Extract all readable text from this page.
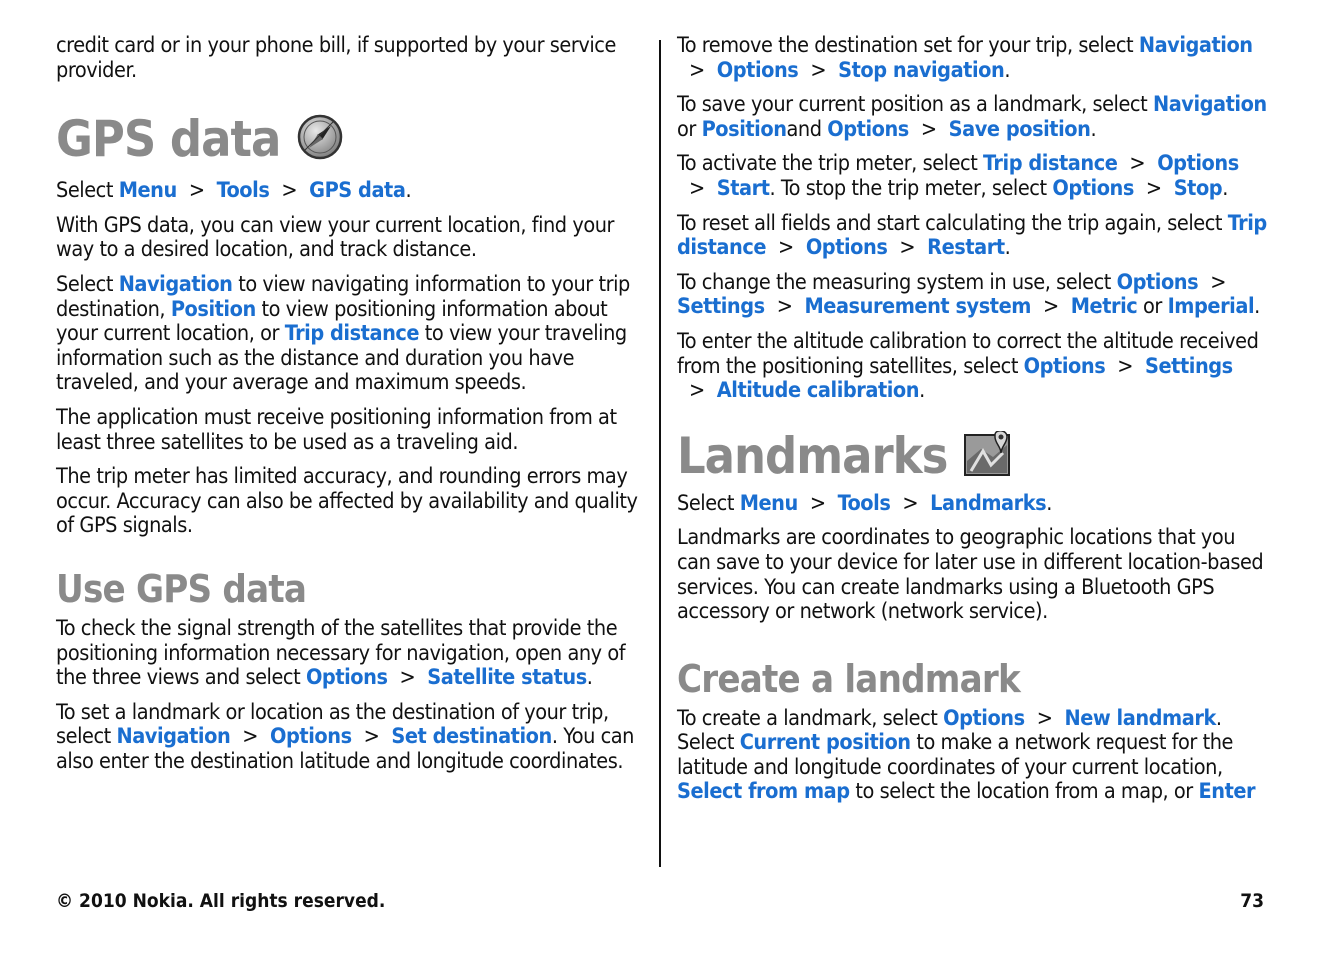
credit card or in your phone bill, if supported by your service provider.

GPS data

Select Menu > Tools > GPS data.

With GPS data, you can view your current location, find your way to a desired location, and track distance.

Select Navigation to view navigating information to your trip destination, Position to view positioning information about your current location, or Trip distance to view your traveling information such as the distance and duration you have traveled, and your average and maximum speeds.

The application must receive positioning information from at least three satellites to be used as a traveling aid.

The trip meter has limited accuracy, and rounding errors may occur. Accuracy can also be affected by availability and quality of GPS signals.

Use GPS data

To check the signal strength of the satellites that provide the positioning information necessary for navigation, open any of the three views and select Options > Satellite status.

To set a landmark or location as the destination of your trip, select Navigation > Options > Set destination. You can also enter the destination latitude and longitude coordinates.

To remove the destination set for your trip, select Navigation> Options > Stop navigation.

To save your current position as a landmark, select Navigation or Positionand Options > Save position.

To activate the trip meter, select Trip distance > Options> Start. To stop the trip meter, select Options > Stop.

To reset all fields and start calculating the trip again, select Trip distance > Options > Restart.

To change the measuring system in use, select Options >Settings > Measurement system > Metric or Imperial.

To enter the altitude calibration to correct the altitude received from the positioning satellites, select Options > Settings> Altitude calibration.

Landmarks

Select Menu > Tools > Landmarks.

Landmarks are coordinates to geographic locations that you can save to your device for later use in different location-based services. You can create landmarks using a Bluetooth GPS accessory or network (network service).

Create a landmark

To create a landmark, select Options > New landmark. Select Current position to make a network request for the latitude and longitude coordinates of your current location, Select from map to select the location from a map, or Enter

© 2010 Nokia. All rights reserved.	73
